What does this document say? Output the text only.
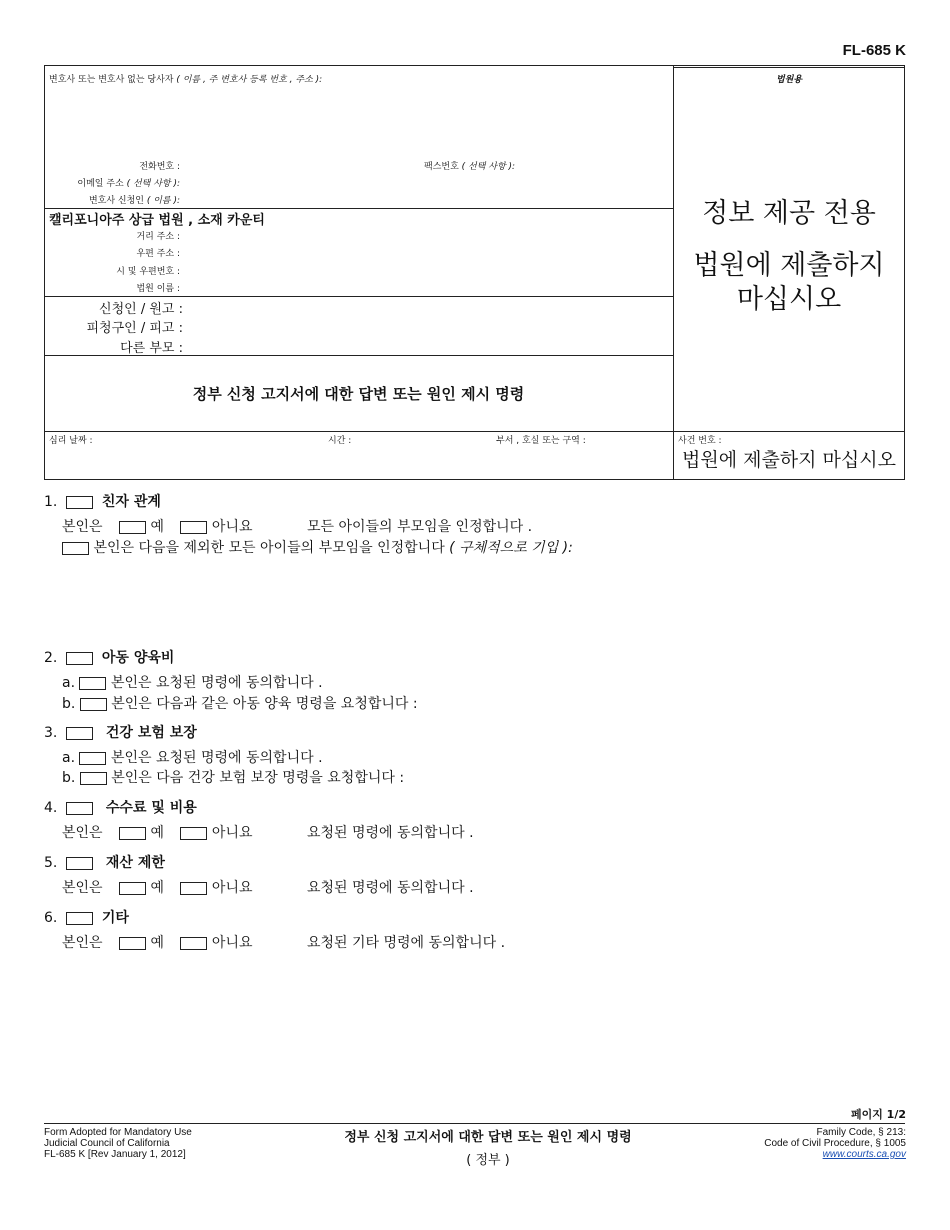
FL-685 K
변호사 또는 변호사 없는 당사자 ( 이름 , 주 변호사 등록 번호 , 주소 ):
전화번호 :	팩스번호 ( 선택 사항 ):
이메일 주소 ( 선택 사항 ):
변호사 신청인 ( 이름 ):
캘리포니아주 상급 법원 , 소재 카운티
거리 주소 :
우편 주소 :
시 및 우편번호 :
법원 이름 :
신청인 / 원고 :
피청구인 / 피고 :
다른 부모 :
정부 신청 고지서에 대한 답변 또는 원인 제시 명령
심리 날짜 :	시간 :	부서 , 호실 또는 구역 :
법원용
정보 제공 전용
법원에 제출하지
마십시오
사건 번호 :
법원에 제출하지 마십시오
1.	친자 관계
본인은	예	아니요	모든 아이들의 부모임을 인정합니다 .
본인은 다음을 제외한 모든 아이들의 부모임을 인정합니다 ( 구체적으로 기입 ):
2.	아동 양육비
a.	본인은 요청된 명령에 동의합니다 .
b.	본인은 다음과 같은 아동 양육 명령을 요청합니다 :
3.	건강 보험 보장
a.	본인은 요청된 명령에 동의합니다 .
b.	본인은 다음 건강 보험 보장 명령을 요청합니다 :
4.	수수료 및 비용
본인은	예	아니요	요청된 명령에 동의합니다 .
5.	재산 제한
본인은	예	아니요	요청된 명령에 동의합니다 .
6.	기타
본인은	예	아니요	요청된 기타 명령에 동의합니다 .
페이지 1/2
Form Adopted for Mandatory Use
Judicial Council of California
FL-685 K [Rev January 1, 2012]
정부 신청 고지서에 대한 답변 또는 원인 제시 명령
( 정부 )
Family Code, § 213:
Code of Civil Procedure, § 1005
www.courts.ca.gov
